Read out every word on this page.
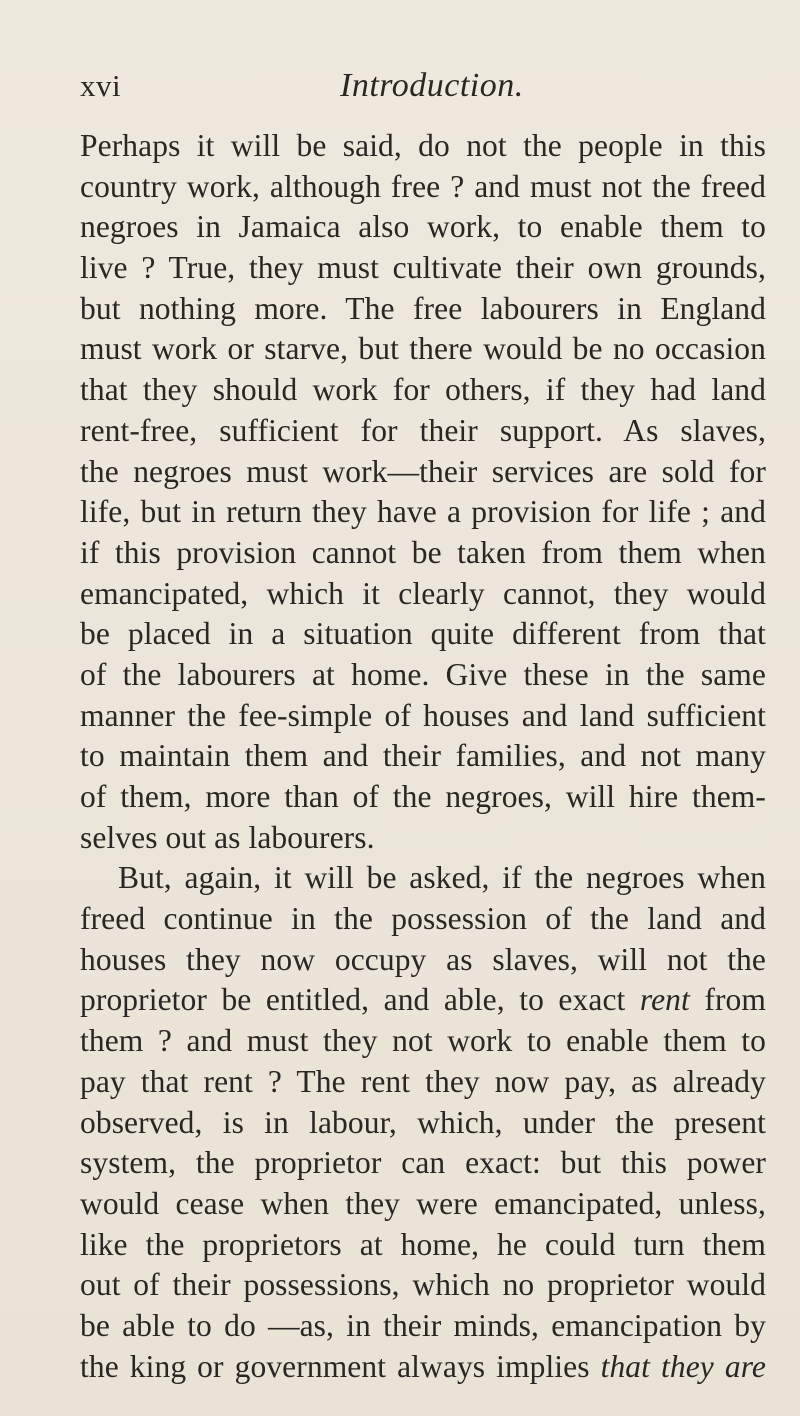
xvi	Introduction.
Perhaps it will be said, do not the people in this
country work, although free ? and must not the freed
negroes in Jamaica also work, to enable them to
live ? True, they must cultivate their own grounds,
but nothing more. The free labourers in England
must work or starve, but there would be no occasion
that they should work for others, if they had land
rent-free, sufficient for their support. As slaves,
the negroes must work—their services are sold for
life, but in return they have a provision for life ; and
if this provision cannot be taken from them when
emancipated, which it clearly cannot, they would
be placed in a situation quite different from that
of the labourers at home. Give these in the same
manner the fee-simple of houses and land sufficient
to maintain them and their families, and not many
of them, more than of the negroes, will hire them-
selves out as labourers.
But, again, it will be asked, if the negroes when
freed continue in the possession of the land and
houses they now occupy as slaves, will not the
proprietor be entitled, and able, to exact rent from
them ? and must they not work to enable them to
pay that rent ? The rent they now pay, as already
observed, is in labour, which, under the present
system, the proprietor can exact: but this power
would cease when they were emancipated, unless,
like the proprietors at home, he could turn them
out of their possessions, which no proprietor would
be able to do —as, in their minds, emancipation by
the king or government always implies that they are
